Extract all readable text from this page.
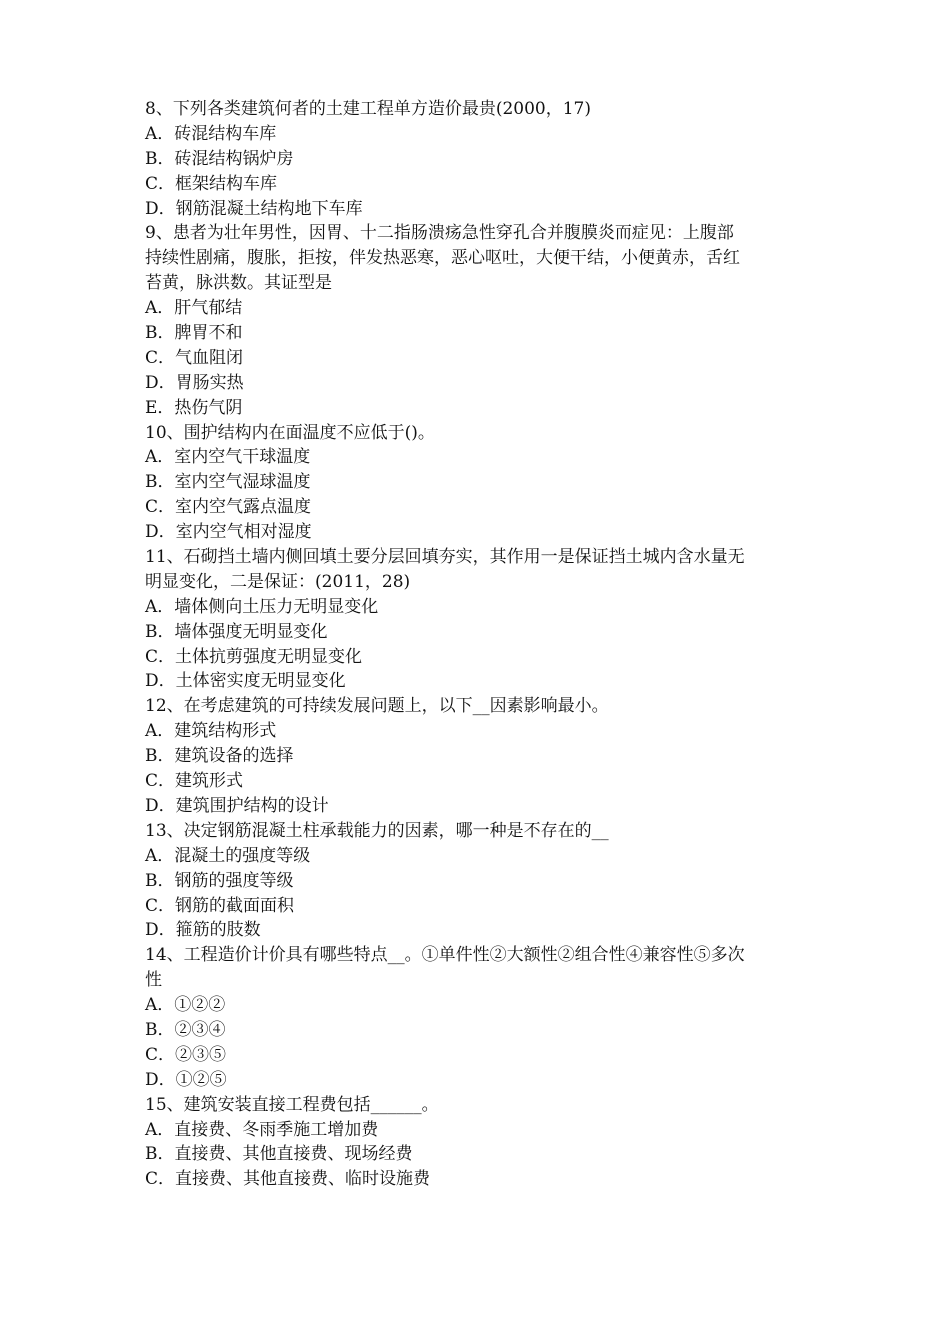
8、下列各类建筑何者的土建工程单方造价最贵(2000，17)
A．砖混结构车库
B．砖混结构锅炉房
C．框架结构车库
D．钢筋混凝土结构地下车库
9、患者为壮年男性，因胃、十二指肠溃疡急性穿孔合并腹膜炎而症见：上腹部
持续性剧痛，腹胀，拒按，伴发热恶寒，恶心呕吐，大便干结，小便黄赤，舌红
苔黄，脉洪数。其证型是
A．肝气郁结
B．脾胃不和
C．气血阻闭
D．胃肠实热
E．热伤气阴
10、围护结构内在面温度不应低于()。
A．室内空气干球温度
B．室内空气湿球温度
C．室内空气露点温度
D．室内空气相对湿度
11、石砌挡土墙内侧回填土要分层回填夯实，其作用一是保证挡土城内含水量无
明显变化，二是保证：(2011，28)
A．墙体侧向土压力无明显变化
B．墙体强度无明显变化
C．土体抗剪强度无明显变化
D．土体密实度无明显变化
12、在考虑建筑的可持续发展问题上，以下__因素影响最小。
A．建筑结构形式
B．建筑设备的选择
C．建筑形式
D．建筑围护结构的设计
13、决定钢筋混凝土柱承载能力的因素，哪一种是不存在的__
A．混凝土的强度等级
B．钢筋的强度等级
C．钢筋的截面面积
D．箍筋的肢数
14、工程造价计价具有哪些特点__。①单件性②大额性②组合性④兼容性⑤多次
性
A．①②②
B．②③④
C．②③⑤
D．①②⑤
15、建筑安装直接工程费包括______。
A．直接费、冬雨季施工增加费
B．直接费、其他直接费、现场经费
C．直接费、其他直接费、临时设施费
